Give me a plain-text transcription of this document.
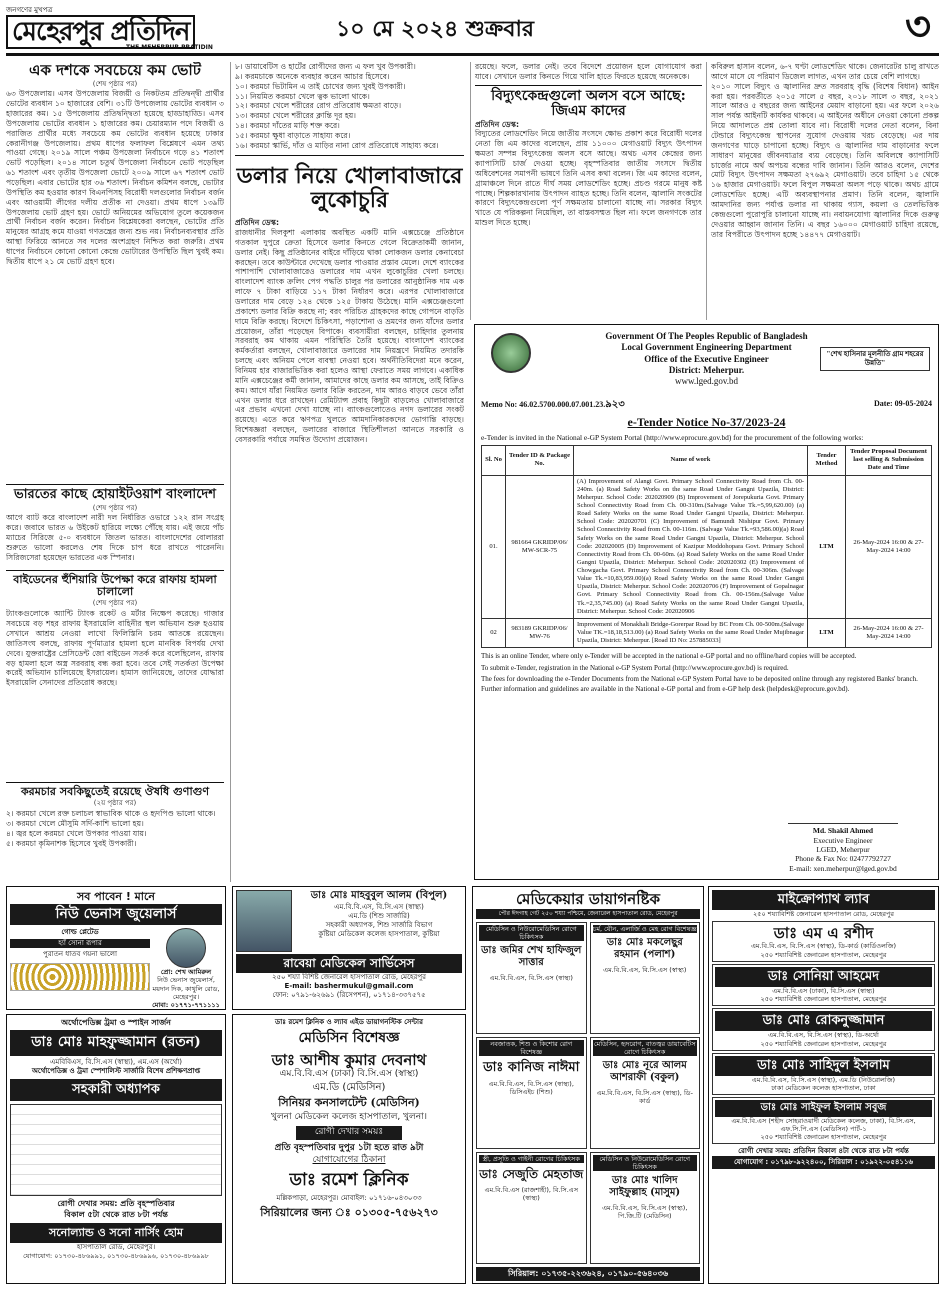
জনগণের মুখপত্র
মেহেরপুর প্রতিদিন
THE MEHERPUR PRATIDIN
১০ মে ২০২৪ শুক্রবার	৩
এক দশকে সবচেয়ে কম ভোট
(শেষ পৃষ্ঠার পর)
৬৩ উপজেলায়। এসব উপজেলায় বিজয়ী ও নিকটতম প্রতিদ্বন্দ্বী প্রার্থীর ভোটের ব্যবধান ১০ হাজারের বেশি। ৩১টি উপজেলায় ভোটের ব্যবধান ৩ হাজারের কম। ১৫ উপজেলায় প্রতিদ্বন্দ্বিতা হয়েছে হাড্ডাহাড্ডি। এসব উপজেলায় ভোটের ব্যবধান ১ হাজারের কম। চেয়ারম্যান পদে বিজয়ী ও পরাজিত প্রার্থীর মধ্যে সবচেয়ে কম ভোটের ব্যবধান হয়েছে ঢাকার কেরানীগঞ্জ উপজেলায়। প্রথম ধাপের ফলাফল বিশ্লেষণে এমন তথ্য পাওয়া গেছে। ২০১৯ সালে পঞ্চম উপজেলা নির্বাচনে গড়ে ৪১ শতাংশ ভোট পড়েছিল। ২০১৪ সালে চতুর্থ উপজেলা নির্বাচনে ভোট পড়েছিল ৬১ শতাংশ এবং তৃতীয় উপজেলা ভোটে ২০০৯ সালে ৬৭ শতাংশ ভোট পড়েছিল। এবার ভোটের হার ৩৬ শতাংশ। নির্বাচন কমিশন বলছে, ভোটার উপস্থিতি কম হওয়ার কারণ বিএনপিসহ বিরোধী দলগুলোর নির্বাচন বর্জন এবং আওয়ামী লীগের দলীয় প্রতীক না দেওয়া। প্রথম ধাপে ১৩৯টি উপজেলায় ভোট গ্রহণ হয়। ভোটে অনিয়মের অভিযোগ তুলে কয়েকজন প্রার্থী নির্বাচন বর্জন করেন। নির্বাচন বিশ্লেষকেরা বলছেন, ভোটের প্রতি মানুষের আগ্রহ কমে যাওয়া গণতন্ত্রের জন্য শুভ নয়। নির্বাচনব্যবস্থার প্রতি আস্থা ফিরিয়ে আনতে সব দলের অংশগ্রহণ নিশ্চিত করা জরুরি। প্রথম ধাপের নির্বাচনে কোনো কোনো কেন্দ্রে ভোটারের উপস্থিতি ছিল খুবই কম। দ্বিতীয় ধাপে ২১ মে ভোট গ্রহণ হবে।
ভারতের কাছে হোয়াইটওয়াশ বাংলাদেশ
(শেষ পৃষ্ঠার পর)
আগে ব্যাট করে বাংলাদেশ নারী দল নির্ধারিত ওভারে ১২২ রান সংগ্রহ করে। জবাবে ভারত ৬ উইকেট হারিয়ে লক্ষ্যে পৌঁছে যায়। এই জয়ে পাঁচ ম্যাচের সিরিজে ৫-০ ব্যবধানে জিতল ভারত। বাংলাদেশের বোলাররা শুরুতে ভালো করলেও শেষ দিকে চাপ ধরে রাখতে পারেননি। সিরিজসেরা হয়েছেন ভারতের এক স্পিনার।
বাইডেনের হুঁশিয়ারি উপেক্ষা করে রাফায় হামলা চালালো
(শেষ পৃষ্ঠার পর)
ট্যাংকগুলোকে অ্যান্টি ট্যাংক রকেট ও মর্টার নিক্ষেপ করেছে। গাজার সবচেয়ে বড় শহর রাফায় ইসরায়েলি বাহিনীর স্থল অভিযান শুরু হওয়ায় সেখানে আশ্রয় নেওয়া লাখো ফিলিস্তিনি চরম আতঙ্কে রয়েছেন। জাতিসংঘ বলছে, রাফায় পূর্ণমাত্রার হামলা হলে মানবিক বিপর্যয় দেখা দেবে। যুক্তরাষ্ট্রের প্রেসিডেন্ট জো বাইডেন সতর্ক করে বলেছিলেন, রাফায় বড় হামলা হলে অস্ত্র সরবরাহ বন্ধ করা হবে। তবে সেই সতর্কতা উপেক্ষা করেই অভিযান চালিয়েছে ইসরায়েল। হামাস জানিয়েছে, তাদের যোদ্ধারা ইসরায়েলি সেনাদের প্রতিরোধ করছে।
করমচার সবকিছুতেই রয়েছে ঔষধি গুণাগুণ
(২য় পৃষ্ঠার পর)
২। করমচা খেলে রক্ত চলাচল স্বাভাবিক থাকে ও হৃদপিণ্ড ভালো থাকে।
৩। করমচা খেলে মৌসুমি সর্দি-কাশি ভালো হয়।
৪। জ্বর হলে করমচা খেলে উপকার পাওয়া যায়।
৫। করমচা কৃমিনাশক হিসেবে খুবই উপকারী।
৮। ডায়াবেটিস ও হার্টের রোগীদের জন্য এ ফল খুব উপকারী।
৯। করমচাকে অনেকে ব্যবহার করেন আচার হিসেবে।
১০। করমচা ভিটামিন এ তাই চোখের জন্য খুবই উপকারী।
১১। নিয়মিত করমচা খেলে ত্বক ভালো থাকে।
১২। করমচা খেলে শরীরের রোগ প্রতিরোধ ক্ষমতা বাড়ে।
১৩। করমচা খেলে শরীরের ক্লান্তি দূর হয়।
১৪। করমচা দাঁতের মাড়ি শক্ত করে।
১৫। করমচা ক্ষুধা বাড়াতে সাহায্য করে।
১৬। করমচা স্কার্ভি, দাঁত ও মাড়ির নানা রোগ প্রতিরোধে সাহায্য করে।
ডলার নিয়ে খোলাবাজারে লুকোচুরি
প্রতিদিন ডেস্ক:
রাজধানীর দিলকুশা এলাকায় অবস্থিত একটি মানি এক্সচেঞ্জে প্রতিষ্ঠানে গতকাল দুপুরে ক্রেতা হিসেবে ডলার কিনতে গেলে বিক্রেতাকর্মী জানান, ডলার নেই। কিছু প্রতিষ্ঠানের বাইরে দাঁড়িয়ে থাকা লোকজন ডলার কেনাবেচা করছেন। তবে কাউন্টারে দেখেছে ডলার পাওয়ার প্রস্তাব মেলে। দেশে ব্যাংকের পাশাপাশি খোলাবাজারেও ডলারের দাম এখন লুকোচুরির খেলা চলছে। বাংলাদেশ ব্যাংক ক্রলিং পেগ পদ্ধতি চালুর পর ডলারের আনুষ্ঠানিক দাম এক লাফে ৭ টাকা বাড়িয়ে ১১৭ টাকা নির্ধারণ করে। এরপর খোলাবাজারে ডলারের দাম বেড়ে ১২৪ থেকে ১২৫ টাকায় উঠেছে। মানি এক্সচেঞ্জগুলো প্রকাশ্যে ডলার বিক্রি করছে না; বরং পরিচিত গ্রাহকদের কাছে গোপনে বাড়তি দামে বিক্রি করছে। বিদেশে চিকিৎসা, পড়াশোনা ও ভ্রমণের জন্য যাঁদের ডলার প্রয়োজন, তাঁরা পড়েছেন বিপাকে। ব্যবসায়ীরা বলছেন, চাহিদার তুলনায় সরবরাহ কম থাকায় এমন পরিস্থিতি তৈরি হয়েছে। বাংলাদেশ ব্যাংকের কর্মকর্তারা বলছেন, খোলাবাজারে ডলারের দাম নিয়ন্ত্রণে নিয়মিত তদারকি চলছে এবং অনিয়ম পেলে ব্যবস্থা নেওয়া হবে। অর্থনীতিবিদেরা মনে করেন, বিনিময় হার বাজারভিত্তিক করা হলেও আস্থা ফেরাতে সময় লাগবে। একাধিক মানি এক্সচেঞ্জের কর্মী জানান, আমাদের কাছে ডলার কম আসছে, তাই বিক্রিও কম। আগে যাঁরা নিয়মিত ডলার বিক্রি করতেন, দাম আরও বাড়বে ভেবে তাঁরা এখন ডলার ধরে রাখছেন। রেমিট্যান্স প্রবাহ কিছুটা বাড়লেও খোলাবাজারে এর প্রভাব এখনো দেখা যাচ্ছে না। ব্যাংকগুলোতেও নগদ ডলারের সংকট রয়েছে। এতে করে ঋণপত্র খুলতে আমদানিকারকদের ভোগান্তি বাড়ছে। বিশেষজ্ঞরা বলছেন, ডলারের বাজারে স্থিতিশীলতা আনতে সরকারি ও বেসরকারি পর্যায়ে সমন্বিত উদ্যোগ প্রয়োজন।
রয়েছে। ফলে, ডলার নেই। তবে বিদেশে প্রয়োজন হলে যোগাযোগ করা যাবে। সেখানে ডলার কিনতে গিয়ে খালি হাতে ফিরতে হয়েছে অনেককে।
বিদ্যুৎকেন্দ্রগুলো অলস বসে আছে: জিএম কাদের
প্রতিদিন ডেস্ক:
বিদ্যুতের লোডশেডিং নিয়ে জাতীয় সংসদে ক্ষোভ প্রকাশ করে বিরোধী দলের নেতা জি এম কাদের বলেছেন, প্রায় ১১০০০ মেগাওয়াট বিদ্যুৎ উৎপাদন ক্ষমতা সম্পন্ন বিদ্যুৎকেন্দ্র অলস বসে আছে। অথচ এসব কেন্দ্রের জন্য ক্যাপাসিটি চার্জ দেওয়া হচ্ছে। বৃহস্পতিবার জাতীয় সংসদে দ্বিতীয় অধিবেশনের সমাপনী ভাষণে তিনি এসব কথা বলেন। জি এম কাদের বলেন, গ্রামাঞ্চলে দিনে রাতে দীর্ঘ সময় লোডশেডিং হচ্ছে। প্রচণ্ড গরমে মানুষ কষ্ট পাচ্ছে। শিল্পকারখানায় উৎপাদন ব্যাহত হচ্ছে। তিনি বলেন, জ্বালানি সংকটের কারণে বিদ্যুৎকেন্দ্রগুলো পূর্ণ সক্ষমতায় চালানো যাচ্ছে না। সরকার বিদ্যুৎ খাতে যে পরিকল্পনা নিয়েছিল, তা বাস্তবসম্মত ছিল না। ফলে জনগণকে তার মাশুল দিতে হচ্ছে।
কবিরুল হাসান বলেন, ৬-৭ ঘণ্টা লোডশেডিং থাকে। জেনারেটর চালু রাখতে আগে মাসে যে পরিমাণ ডিজেল লাগত, এখন তার চেয়ে বেশি লাগছে।
২০১০ সালে বিদ্যুৎ ও জ্বালানির দ্রুত সরবরাহ বৃদ্ধি (বিশেষ বিধান) আইন করা হয়। পরবর্তীতে ২০১৫ সালে ৫ বছর, ২০১৮ সালে ৩ বছর, ২০২১ সালে আরও ৫ বছরের জন্য আইনের মেয়াদ বাড়ানো হয়। এর ফলে ২০২৬ সাল পর্যন্ত আইনটি কার্যকর থাকবে। এ আইনের অধীনে নেওয়া কোনো প্রকল্প নিয়ে আদালতে প্রশ্ন তোলা যাবে না। বিরোধী দলের নেতা বলেন, বিনা টেন্ডারে বিদ্যুৎকেন্দ্র স্থাপনের সুযোগ দেওয়ায় খরচ বেড়েছে। এর দায় জনগণের ঘাড়ে চাপানো হচ্ছে। বিদ্যুৎ ও জ্বালানির দাম বাড়ানোর ফলে সাধারণ মানুষের জীবনযাত্রার ব্যয় বেড়েছে। তিনি অবিলম্বে ক্যাপাসিটি চার্জের নামে অর্থ অপচয় বন্ধের দাবি জানান। তিনি আরও বলেন, দেশের মোট বিদ্যুৎ উৎপাদন সক্ষমতা ২৭৬৯২ মেগাওয়াট। তবে চাহিদা ১৫ থেকে ১৬ হাজার মেগাওয়াট। ফলে বিপুল সক্ষমতা অলস পড়ে থাকে। অথচ গ্রামে লোডশেডিং হচ্ছে। এটি অব্যবস্থাপনার প্রমাণ। তিনি বলেন, জ্বালানি আমদানির জন্য পর্যাপ্ত ডলার না থাকায় গ্যাস, কয়লা ও তেলভিত্তিক কেন্দ্রগুলো পুরোপুরি চালানো যাচ্ছে না। নবায়নযোগ্য জ্বালানির দিকে গুরুত্ব দেওয়ার আহ্বান জানান তিনি। এ বছর ১৬০০০ মেগাওয়াট চাহিদা রয়েছে, তার বিপরীতে উৎপাদন হচ্ছে ১৪৪৭৭ মেগাওয়াট।
Government Of The Peoples Republic of Bangladesh
Local Government Engineering Department
Office of the Executive Engineer
District: Meherpur.
www.lged.gov.bd
"শেখ হাসিনার মূলনীতি গ্রাম শহরের উন্নতি"
Memo No: 46.02.5700.000.07.001.23.৯২৩	Date: 09-05-2024
e-Tender Notice No-37/2023-24
e-Tender is invited in the National e-GP System Portal (http://www.eprocure.gov.bd) for the procurement of the following works:
Sl. No	Tender ID & Package No.	Name of work	Tender Method	Tender Proposal Document last selling & Submission Date and Time
01.	981664 GKRIDP/06/ MW-SCR-75	(A) Improvement of Alangi Govt. Primary School Connectivity Road from Ch. 00-240m. (a) Road Safety Works on the same Road Under Gangni Upazila, District: Meherpur. School Code: 202020909 (B) Improvement of Jorepukuria Govt. Primary School Connectivity Road from Ch. 00-310m.(Salvage Value Tk.=5,99,620.00) (a) Road Safety Works on the same Road Under Gangni Upazila, District: Meherpur. School Code: 202020701 (C) Improvement of Bamundi Nishipur Govt. Primary School Connectivity Road from Ch. 00-116m. (Salvage Value Tk.=93,586.00)(a) Road Safety Works on the same Road Under Gangni Upazila, District: Meherpur. School Code: 202020005 (D) Improvement of Kazipur Moddohopara Govt. Primary School Connectivity Road from Ch. 00-60m. (a) Road Safety Works on the same Road Under Gangni Upazila, District: Meherpur. School Code: 202020302 (E) Improvement of Chowgacha Govt. Primary School Connectivity Road from Ch. 00-306m. (Salvage Value Tk.=10,83,959.00)(a) Road Safety Works on the same Road Under Gangni Upazila, District: Meherpur. School Code: 202020706 (F) Improvement of Gopalnagar Govt. Primary School Connectivity Road from Ch. 00-156m.(Salvage Value Tk.=2,35,745.00) (a) Road Safety Works on the same Road Under Gangni Upazila, District: Meherpur. School Code: 202020906	LTM	26-May-2024 16:00 & 27-May-2024 14:00
02	983189 GKRIDP/06/ MW-76	Improvement of Monakhali Bridge-Gorerpar Road by BC From Ch. 00-500m.(Salvage Value TK.=18,18,513.00) (a) Road Safety Works on the same Road Under Mujibnagar Upazila, District: Meherpur. [Road ID No: 257885033]	LTM	26-May-2024 16:00 & 27-May-2024 14:00
This is an online Tender, where only e-Tender will be accepted in the national e-GP portal and no offline/hard copies will be accepted.
To submit e-Tender, registration in the National e-GP System Portal (http://www.eprocure.gov.bd) is required.
The fees for downloading the e-Tender Documents from the National e-GP System Portal have to be deposited online through any registered Banks' branch. Further information and guidelines are available in the National e-GP portal and from e-GP help desk (helpdesk@eprocure.gov.bd).
Md. Shakil Ahmed
Executive Engineer
LGED, Meherpur
Phone & Fax No: 02477792727
E-mail: xen.meherpur@lged.gov.bd
সব পাবেন ! মানে
নিউ ভেনাস জুয়েলার্স
গোল্ড প্লেটেড
হ্যাঁ সোনা রূপার
পুরাতন ধাতব গয়না ভালো
প্রো: শেখ আমিরুল
নিউ ভেনাস জুয়েলার্স, ময়দান দিক, কাথুলি রোড, মেহেরপুর।
মোবা: ০১৭৭১-৭৭১১১১
অর্থোপেডিক্স ট্রমা ও স্পাইন সার্জন
ডাঃ মোঃ মাহফুজ্জামান (রতন)
এমবিবিএস, বি.সি.এস (স্বাস্থ্য), এম.এস (অর্থো)
অর্থোপেডিক্স ও ট্রমা স্পেশালিস্ট সার্জারি বিশেষ প্রশিক্ষণপ্রাপ্ত
সহকারী অধ্যাপক
রোগী দেখার সময়: প্রতি বৃহস্পতিবার
বিকাল ৫টা থেকে রাত ৮টা পর্যন্ত
সনোল্যান্ড ও সনো নার্সিং হোম
হাসপাতাল রোড, মেহেরপুর।
যোগাযোগ: ০১৭৩০-৪৮৬৯৯১, ০১৭৩০-৪৮৬৯৯৬, ০১৭৩০-৪৮৬৯৯৮
ডাঃ মোঃ মাহবুবুল আলম (বিপুল)
এম.বি.বি.এস, বি.সি.এস (স্বাস্থ্য)
এম.ডি (শিশু সার্জারি)
সহকারী অধ্যাপক, শিশু সার্জারি বিভাগ
কুষ্টিয়া মেডিকেল কলেজ হাসপাতাল, কুষ্টিয়া
রাবেয়া মেডিকেল সার্ভিসেস
২৫০ শয্যা বিশিষ্ট জেনারেল হাসপাতাল রোড, মেহেরপুর
E-mail: bashermukul@gmail.com
ফোন: ০৭৯১-৬২৬৯১ (রিসেপশন), ০১৭১৪-৩৩৭৫৭৫
ডাঃ রমেশ ক্লিনিক ও ল্যাব এইড ডায়াগনস্টিক সেন্টার
মেডিসিন বিশেষজ্ঞ
ডাঃ আশীষ কুমার দেবনাথ
এম.বি.বি.এস (ঢাকা) বি.সি.এস (স্বাস্থ্য)
এম.ডি (মেডিসিন)
সিনিয়র কনসালটেন্ট (মেডিসিন)
খুলনা মেডিকেল কলেজ হাসপাতাল, খুলনা।
রোগী দেখার সময়ঃ
প্রতি বৃহস্পতিবার দুপুর ১টা হতে রাত ৯টা
যোগাযোগের ঠিকানা
ডাঃ রমেশ ক্লিনিক
মল্লিকপাড়া, মেহেরপুর। মোবাইল: ০১৭১৬-০৪৩০৩৩
সিরিয়ালের জন্য ঃ ০১৩০৫-৭৫৬২৭৩
মেডিকেয়ার ডায়াগনষ্টিক
পৌর ঈদগাহ গেট ২৫০ শয্যা পশ্চিমে, জেনারেল হাসপাতাল রোড, মেহেরপুর
মেডিসিন ও নিউরোমেডিসিন রোগে চিকিৎসক
ডাঃ জমির শেখ হাফিজুল সাত্তার
এম.বি.বি.এস, বি.সি.এস (স্বাস্থ্য)
চর্ম, যৌন, এলার্জি ও মেহ রোগ বিশেষজ্ঞ
ডাঃ মোঃ মকলেছুর রহমান (পলাশ)
এম.বি.বি.এস, বি.সি.এস (স্বাস্থ্য)
নবজাতক, শিশু ও কিশোর রোগ বিশেষজ্ঞ
ডাঃ কানিজ নাঈমা
এম.বি.বি.এস, বি.সি.এস (স্বাস্থ্য), ডিসিএইচ (শিশু)
মেডিসিন, হৃদরোগ, বাতজ্বর ডায়াবেটিস রোগে চিকিৎসক
ডাঃ মোঃ নূরে আলম আশরাফী (বকুল)
এম.বি.বি.এস, বি.সি.এস (স্বাস্থ্য), ডি-কার্ড
স্ত্রী, প্রসূতি ও গাইনী রোগের চিকিৎসক
ডাঃ সেজুতি মেহতাজ
এম.বি.বি.এস (রাজশাহী), বি.সি.এস (স্বাস্থ্য)
মেডিসিন ও নিউরোমেডিসিন রোগে চিকিৎসক
ডাঃ মোঃ খালিদ সাইফুল্লাহ (মাসুম)
এম.বি.বি.এস, বি.সি.এস (স্বাস্থ্য), পি.জি.টি (মেডিসিন)
সিরিয়াল: ০১৭৩৫-২২৩৬২৪, ০১৭৯০-৫৬৪০৩৬
মাইক্রোপ্যাথ ল্যাব
২৫০ শয্যাবিশিষ্ট জেনারেল হাসপাতাল রোড, মেহেরপুর
ডাঃ এম এ রশীদ
এম.বি.বি.এস, বি.সি.এস (স্বাস্থ্য), ডি-কার্ড (কার্ডিওলজি)
২৫০ শয্যাবিশিষ্ট জেনারেল হাসপাতাল, মেহেরপুর
ডাঃ সোনিয়া আহমেদ
এম.বি.বি.এস (ঢাকা), বি.সি.এস (স্বাস্থ্য)
২৫০ শয্যাবিশিষ্ট জেনারেল হাসপাতাল, মেহেরপুর
ডাঃ মোঃ রোকনুজ্জামান
এম.বি.বি.এস, বি.সি.এস (স্বাস্থ্য), ডি-অর্থো
২৫০ শয্যাবিশিষ্ট জেনারেল হাসপাতাল, মেহেরপুর
ডাঃ মোঃ সাহিদুল ইসলাম
এম.বি.বি.এস, বি.সি.এস (স্বাস্থ্য), এম.ডি (নিউরোলজি)
ঢাকা মেডিকেল কলেজ হাসপাতাল, ঢাকা
ডাঃ মোঃ সাইফুল ইসলাম সবুজ
এম.বি.বি.এস (শহীদ সোহরাওয়ার্দী মেডিকেল কলেজ, ঢাকা), বি.সি.এস, এফ.সি.পি.এস (মেডিসিন) পার্ট-১
২৫০ শয্যাবিশিষ্ট জেনারেল হাসপাতাল, মেহেরপুর
রোগী দেখার সময়: প্রতিদিন বিকাল ৪টা থেকে রাত ৮টা পর্যন্ত
যোগাযোগ : ০১৭৯৮-৯২২৪০০, সিরিয়াল : ০১৯২২-০৫৪১১৬
